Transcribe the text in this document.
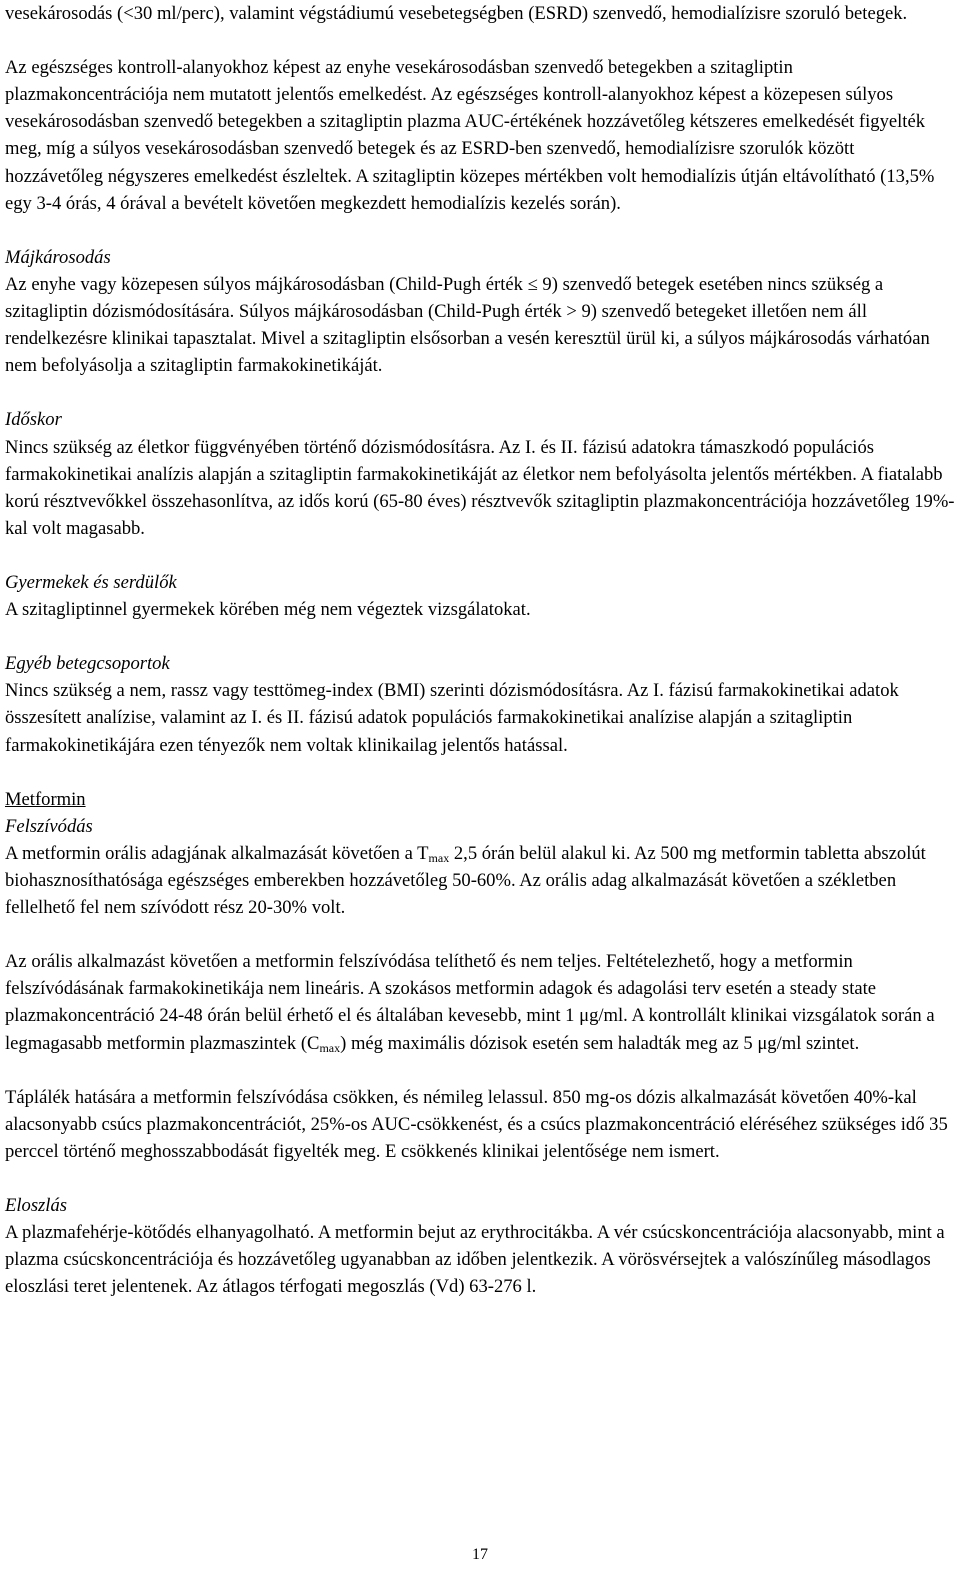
vesekárosodás (<30 ml/perc), valamint végstádiumú vesebetegségben (ESRD) szenvedő, hemodialízisre szoruló betegek.

Az egészséges kontroll-alanyokhoz képest az enyhe vesekárosodásban szenvedő betegekben a szitagliptin plazmakoncentrációja nem mutatott jelentős emelkedést. Az egészséges kontroll-alanyokhoz képest a közepesen súlyos vesekárosodásban szenvedő betegekben a szitagliptin plazma AUC-értékének hozzávetőleg kétszeres emelkedését figyelték meg, míg a súlyos vesekárosodásban szenvedő betegek és az ESRD-ben szenvedő, hemodialízisre szorulók között hozzávetőleg négyszeres emelkedést észleltek. A szitagliptin közepes mértékben volt hemodialízis útján eltávolítható (13,5% egy 3-4 órás, 4 órával a bevételt követően megkezdett hemodialízis kezelés során).

Májkárosodás

Az enyhe vagy közepesen súlyos májkárosodásban (Child-Pugh érték ≤ 9) szenvedő betegek esetében nincs szükség a szitagliptin dózismódosítására. Súlyos májkárosodásban (Child-Pugh érték > 9) szenvedő betegeket illetően nem áll rendelkezésre klinikai tapasztalat. Mivel a szitagliptin elsősorban a vesén keresztül ürül ki, a súlyos májkárosodás várhatóan nem befolyásolja a szitagliptin farmakokinetikáját.

Időskor

Nincs szükség az életkor függvényében történő dózismódosításra. Az I. és II. fázisú adatokra támaszkodó populációs farmakokinetikai analízis alapján a szitagliptin farmakokinetikáját az életkor nem befolyásolta jelentős mértékben. A fiatalabb korú résztvevőkkel összehasonlítva, az idős korú (65-80 éves) résztvevők szitagliptin plazmakoncentrációja hozzávetőleg 19%-kal volt magasabb.

Gyermekek és serdülők

A szitagliptinnel gyermekek körében még nem végeztek vizsgálatokat.

Egyéb betegcsoportok

Nincs szükség a nem, rassz vagy testtömeg-index (BMI) szerinti dózismódosításra. Az I. fázisú farmakokinetikai adatok összesített analízise, valamint az I. és II. fázisú adatok populációs farmakokinetikai analízise alapján a szitagliptin farmakokinetikájára ezen tényezők nem voltak klinikailag jelentős hatással.

Metformin

Felszívódás

A metformin orális adagjának alkalmazását követően a $T_{max}$ 2,5 órán belül alakul ki. Az 500 mg metformin tabletta abszolút biohasznosíthatósága egészséges emberekben hozzávetőleg 50-60%. Az orális adag alkalmazását követően a székletben fellelhető fel nem szívódott rész 20-30% volt.

Az orális alkalmazást követően a metformin felszívódása telíthető és nem teljes. Feltételezhető, hogy a metformin felszívódásának farmakokinetikája nem lineáris. A szokásos metformin adagok és adagolási terv esetén a steady state plazmakoncentráció 24-48 órán belül érhető el és általában kevesebb, mint 1 μg/ml. A kontrollált klinikai vizsgálatok során a legmagasabb metformin plazmaszintek $(C_{max})$ még maximális dózisok esetén sem haladták meg az 5 μg/ml szintet.

Táplálék hatására a metformin felszívódása csökken, és némileg lelassul. 850 mg-os dózis alkalmazását követően 40%-kal alacsonyabb csúcs plazmakoncentrációt, 25%-os AUC-csökkenést, és a csúcs plazmakoncentráció eléréséhez szükséges idő 35 perccel történő meghosszabbodását figyelték meg. E csökkenés klinikai jelentősége nem ismert.

Eloszlás

A plazmafehérje-kötődés elhanyagolható. A metformin bejut az erythrocitákba. A vér csúcskoncentrációja alacsonyabb, mint a plazma csúcskoncentrációja és hozzávetőleg ugyanabban az időben jelentkezik. A vörösvérsejtek a valószínűleg másodlagos eloszlási teret jelentenek. Az átlagos térfogati megoszlás (Vd) 63-276 l.

17
